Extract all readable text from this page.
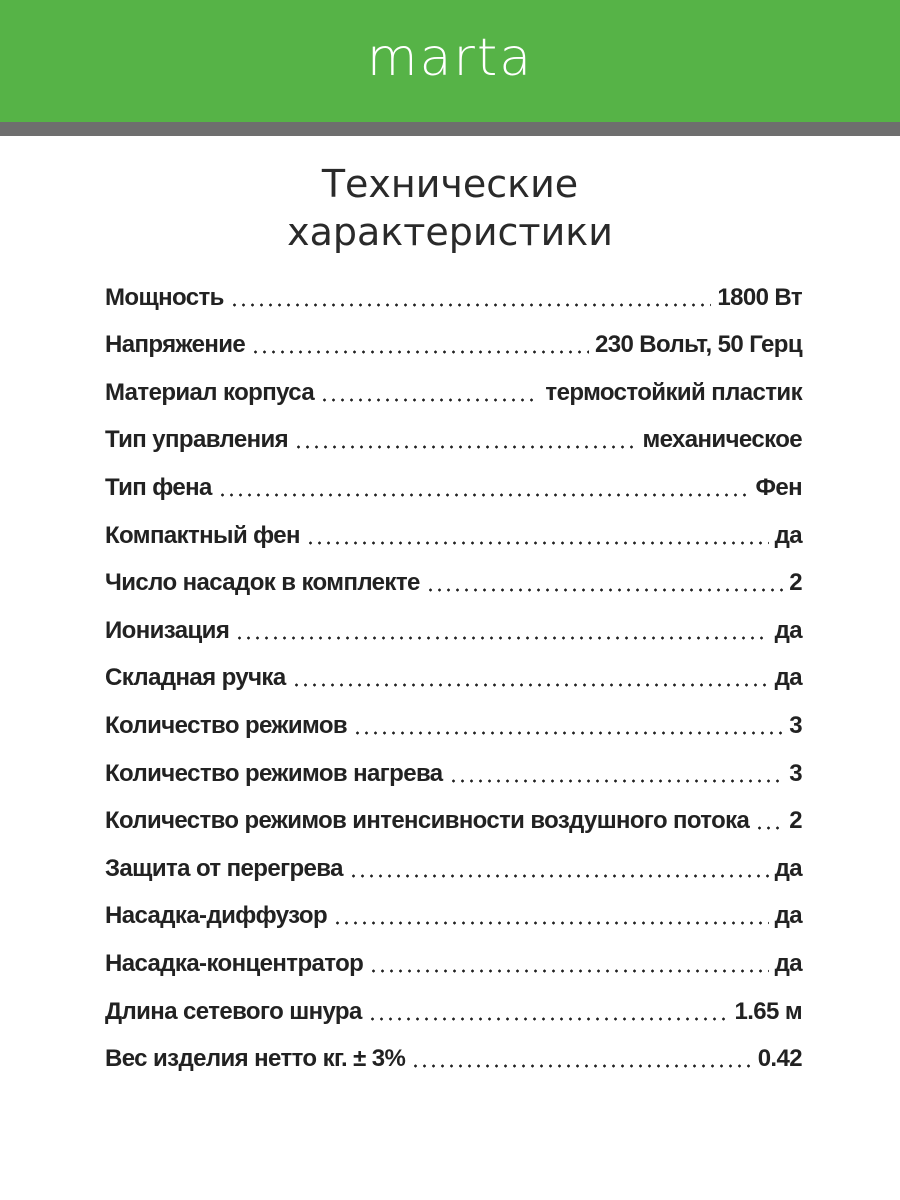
marta
Технические
характеристики
Мощность	1800 Вт
Напряжение	230 Вольт, 50 Герц
Материал корпуса	термостойкий пластик
Тип управления	механическое
Тип фена	Фен
Компактный фен	да
Число насадок в комплекте	2
Ионизация	да
Складная ручка	да
Количество режимов	3
Количество режимов нагрева	3
Количество режимов интенсивности воздушного потока 2
Защита от перегрева	да
Насадка-диффузор	да
Насадка-концентратор	да
Длина сетевого шнура	1.65 м
Вес изделия нетто кг. ± 3%	0.42
